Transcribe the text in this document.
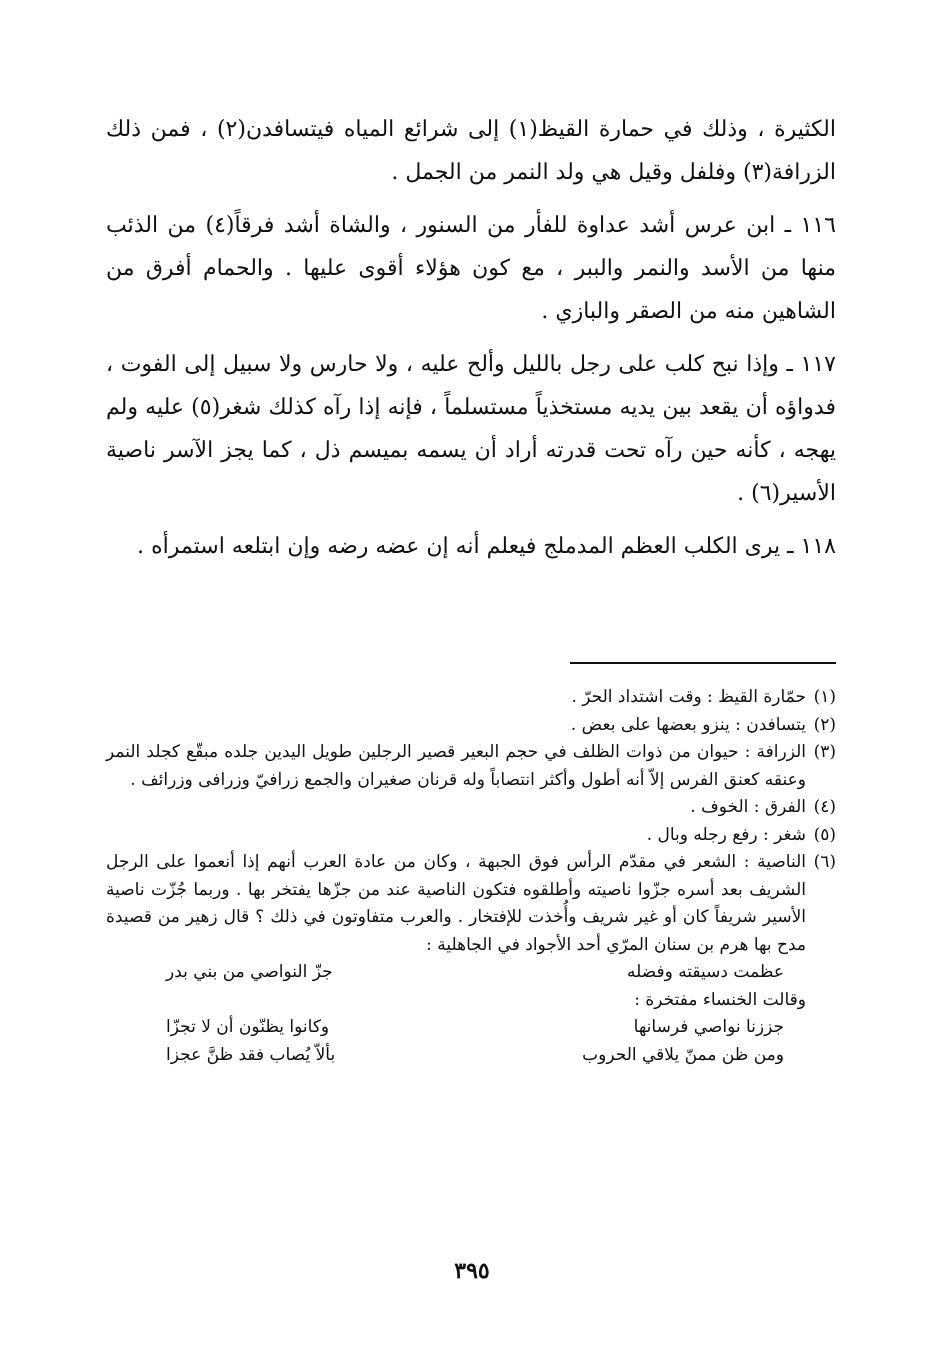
الكثيرة ، وذلك في حمارة القيظ(١) إلى شرائع المياه فيتسافدن(٢) ، فمن ذلك الزرافة(٣) وفلفل وقيل هي ولد النمر من الجمل .

١١٦ ـ ابن عرس أشد عداوة للفأر من السنور ، والشاة أشد فرقاً(٤) من الذئب منها من الأسد والنمر والببر ، مع كون هؤلاء أقوى عليها . والحمام أفرق من الشاهين منه من الصقر والبازي .

١١٧ ـ وإذا نبح كلب على رجل بالليل وألح عليه ، ولا حارس ولا سبيل إلى الفوت ، فدواؤه أن يقعد بين يديه مستخذياً مستسلماً ، فإنه إذا رآه كذلك شغر(٥) عليه ولم يهجه ، كأنه حين رآه تحت قدرته أراد أن يسمه بميسم ذل ، كما يجز الآسر ناصية الأسير(٦) .

١١٨ ـ يرى الكلب العظم المدملج فيعلم أنه إن عضه رضه وإن ابتلعه استمرأه .

(١)
حمّارة القيظ : وقت اشتداد الحرّ .
(٢)
يتسافدن : ينزو بعضها على بعض .
(٣)
الزرافة : حيوان من ذوات الظلف في حجم البعير قصير الرجلين طويل اليدين جلده مبقّع كجلد النمر وعنقه كعنق الفرس إلاّ أنه أطول وأكثر انتصاباً وله قرنان صغيران والجمع زرافيّ وزرافى وزرائف .
(٤)
الفرق : الخوف .
(٥)
شغر : رفع رجله وبال .
(٦)
الناصية : الشعر في مقدّم الرأس فوق الجبهة ، وكان من عادة العرب أنهم إذا أنعموا على الرجل الشريف بعد أسره جزّوا ناصيته وأطلقوه فتكون الناصية عند من جزّها يفتخر بها . وربما جُزّت ناصية الأسير شريفاً كان أو غير شريف وأُخذت للإفتخار . والعرب متفاوتون في ذلك ؟ قال زهير من قصيدة مدح بها هرم بن سنان المرّي أحد الأجواد في الجاهلية :
عظمت دسيقته وفضله
جزّ النواصي من بني بدر
وقالت الخنساء مفتخرة :
جززنا نواصي فرسانها
وكانوا يظنّون أن لا تجزّا
ومن ظن ممنّ يلاقي الحروب
بألاّ يُصاب فقد ظنَّ عجزا
٣٩٥
